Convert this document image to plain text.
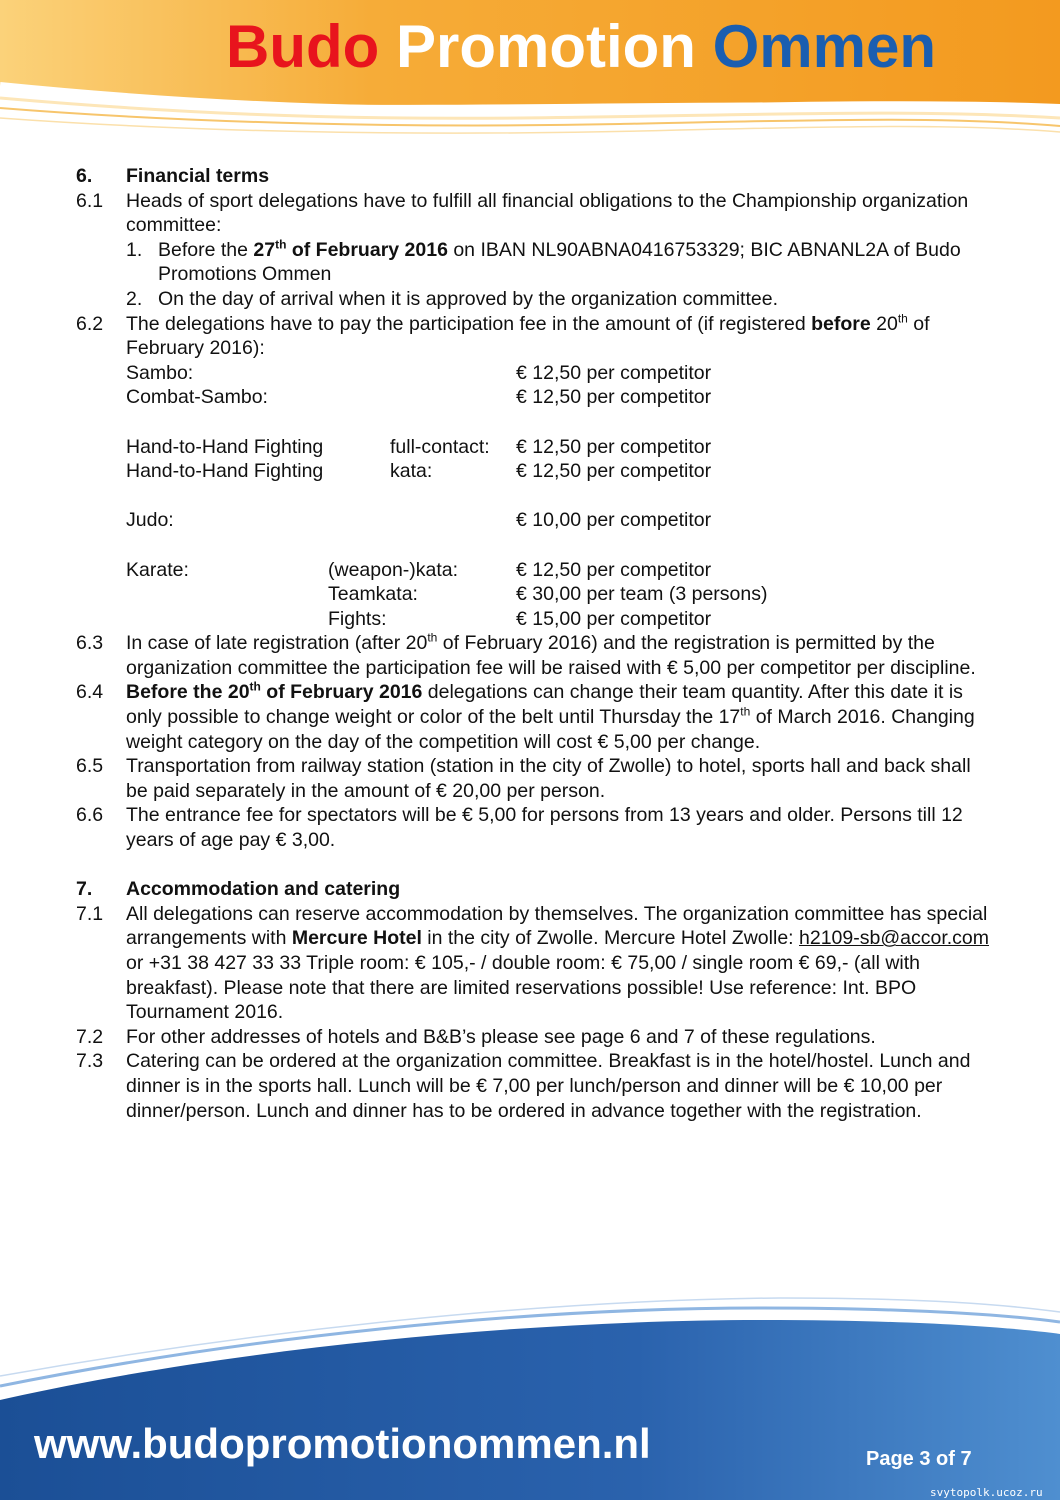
Budo Promotion Ommen
6. Financial terms
6.1 Heads of sport delegations have to fulfill all financial obligations to the Championship organization committee:
1. Before the 27th of February 2016 on IBAN NL90ABNA0416753329; BIC ABNANL2A of Budo Promotions Ommen
2. On the day of arrival when it is approved by the organization committee.
6.2 The delegations have to pay the participation fee in the amount of (if registered before 20th of February 2016):
Sambo:	€ 12,50 per competitor
Combat-Sambo:	€ 12,50 per competitor
Hand-to-Hand Fighting	full-contact: € 12,50 per competitor
Hand-to-Hand Fighting	kata:	€ 12,50 per competitor
Judo:	€ 10,00 per competitor
Karate:	(weapon-)kata:	€ 12,50 per competitor
Teamkata:	€ 30,00 per team (3 persons)
Fights:	€ 15,00 per competitor
6.3 In case of late registration (after 20th of February 2016) and the registration is permitted by the organization committee the participation fee will be raised with € 5,00 per competitor per discipline.
6.4 Before the 20th of February 2016 delegations can change their team quantity. After this date it is only possible to change weight or color of the belt until Thursday the 17th of March 2016. Changing weight category on the day of the competition will cost € 5,00 per change.
6.5 Transportation from railway station (station in the city of Zwolle) to hotel, sports hall and back shall be paid separately in the amount of € 20,00 per person.
6.6 The entrance fee for spectators will be € 5,00 for persons from 13 years and older. Persons till 12 years of age pay € 3,00.
7. Accommodation and catering
7.1 All delegations can reserve accommodation by themselves. The organization committee has special arrangements with Mercure Hotel in the city of Zwolle. Mercure Hotel Zwolle: h2109-sb@accor.com or +31 38 427 33 33 Triple room: € 105,- / double room: € 75,00 / single room € 69,- (all with breakfast). Please note that there are limited reservations possible! Use reference: Int. BPO Tournament 2016.
7.2 For other addresses of hotels and B&B’s please see page 6 and 7 of these regulations.
7.3 Catering can be ordered at the organization committee. Breakfast is in the hotel/hostel. Lunch and dinner is in the sports hall. Lunch will be € 7,00 per lunch/person and dinner will be € 10,00 per dinner/person. Lunch and dinner has to be ordered in advance together with the registration.
www.budopromotionommen.nl	Page 3 of 7
svytopolk.ucoz.ru
